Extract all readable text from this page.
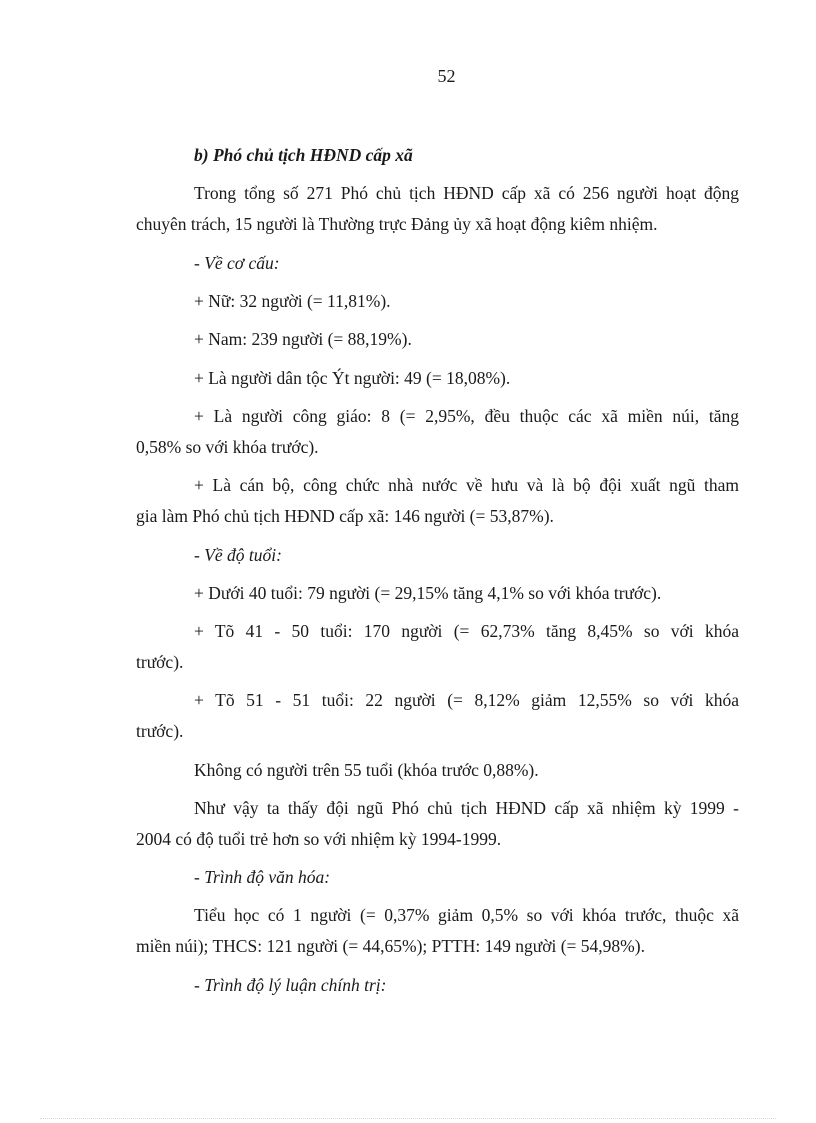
52
b) Phó chủ tịch HĐND cấp xã
Trong tổng số 271 Phó chủ tịch HĐND cấp xã có 256 người hoạt động
chuyên trách, 15 người là Thường trực Đảng ủy xã hoạt động kiêm nhiệm.
- Về cơ cấu:
+ Nữ: 32 người (= 11,81%).
+ Nam: 239 người (= 88,19%).
+ Là người dân tộc Ýt người: 49 (= 18,08%).
+ Là người công giáo: 8 (= 2,95%, đều thuộc các xã miền núi, tăng
0,58% so với khóa trước).
+ Là cán bộ, công chức nhà nước về hưu và là bộ đội xuất ngũ tham
gia làm Phó chủ tịch HĐND cấp xã: 146 người (= 53,87%).
- Về độ tuổi:
+ Dưới 40 tuổi: 79 người (= 29,15% tăng 4,1% so với khóa trước).
+ Tõ 41 - 50 tuổi: 170 người (= 62,73% tăng 8,45% so với khóa
trước).
+ Tõ 51 - 51 tuổi: 22 người (= 8,12% giảm 12,55% so với khóa
trước).
Không có người trên 55 tuổi (khóa trước 0,88%).
Như vậy ta thấy đội ngũ Phó chủ tịch HĐND cấp xã nhiệm kỳ 1999 -
2004 có độ tuổi trẻ hơn so với nhiệm kỳ 1994-1999.
- Trình độ văn hóa:
Tiểu học có 1 người (= 0,37% giảm 0,5% so với khóa trước, thuộc xã
miền núi); THCS: 121 người (= 44,65%); PTTH: 149 người (= 54,98%).
- Trình độ lý luận chính trị:
